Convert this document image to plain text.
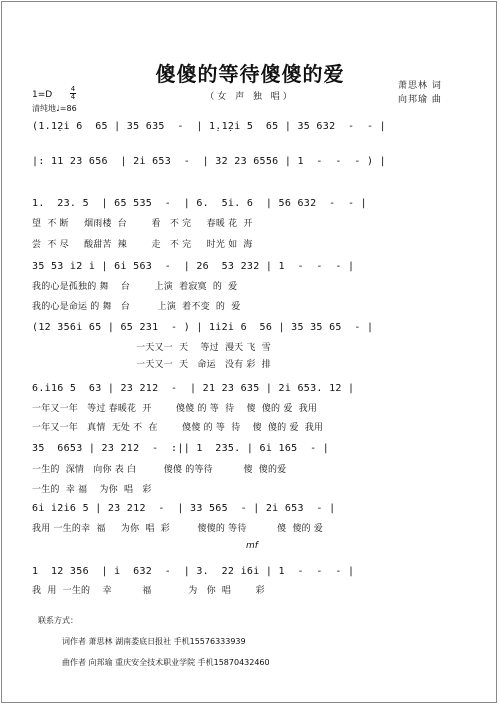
傻傻的等待傻傻的爱
（女 声 独 唱）
萧思林 词
向邦瑜 曲
1=D
4
4
清纯地♩=86
(1.1̣2i̇ 6  65 | 35 635  -  | 1̣.1̣2i̇ 5  65 | 35 632  -  - |
|: 11 23 656  | 2i̇ 653  -  | 32 23 6556 | 1  -  -  - ) |
1.  23. 5  | 65 535  -  | 6.  5i. 6  | 56 632  -  - |
望  不 断     烟雨楼  台        看   不 完     春暖 花  开
尝  不 尽     酸甜苦  辣        走   不 完     时光 如  海
35 53 i̇2 i̇ | 6i̇ 563  -  | 26  53 232 | 1  -  -  - |
我的心是孤独的 舞    台        上演  着寂寞  的  爱
我的心是命运 的 舞   台         上演  着不变  的  爱
(12 356i̇ 65 | 65 231  - ) | 1i̇2i̇ 6  56 | 35 35 65  - |
一天又一  天    等过  漫天 飞  雪
一天又一  天   命运   没有 彩  排
6.i̇16 5  63 | 23 212  -  | 21 23 635 | 2i̇ 653. 12 |
一年又一年   等过 春暖花  开        傻傻 的 等  待    傻  傻的 爱  我用
一年又一年   真情  无处 不  在        傻傻 的 等  待    傻  傻的 爱  我用
35  6653 | 23 212  -  :|| 1  235. | 6i̇ 165  - |
一生的  深情   向你 表 白         傻傻 的等待          傻  傻的爱
一生的  幸 福    为你  唱   彩
6i̇ i̇2i̇6 5 | 23 212  -  | 33 565  - | 2i̇ 653  - |
我用 一生的幸  福     为你  唱  彩         傻傻的 等待          傻  傻的 爱
mf
1  12 356  | i̇  632  -  | 3.  22 i̇6i̇ | 1  -  -  - |
我  用  一生的    幸          福            为   你  唱        彩
联系方式：
词作者 萧思林 湖南娄底日报社 手机15576333939
曲作者 向邦瑜 重庆安全技术职业学院 手机15870432460
